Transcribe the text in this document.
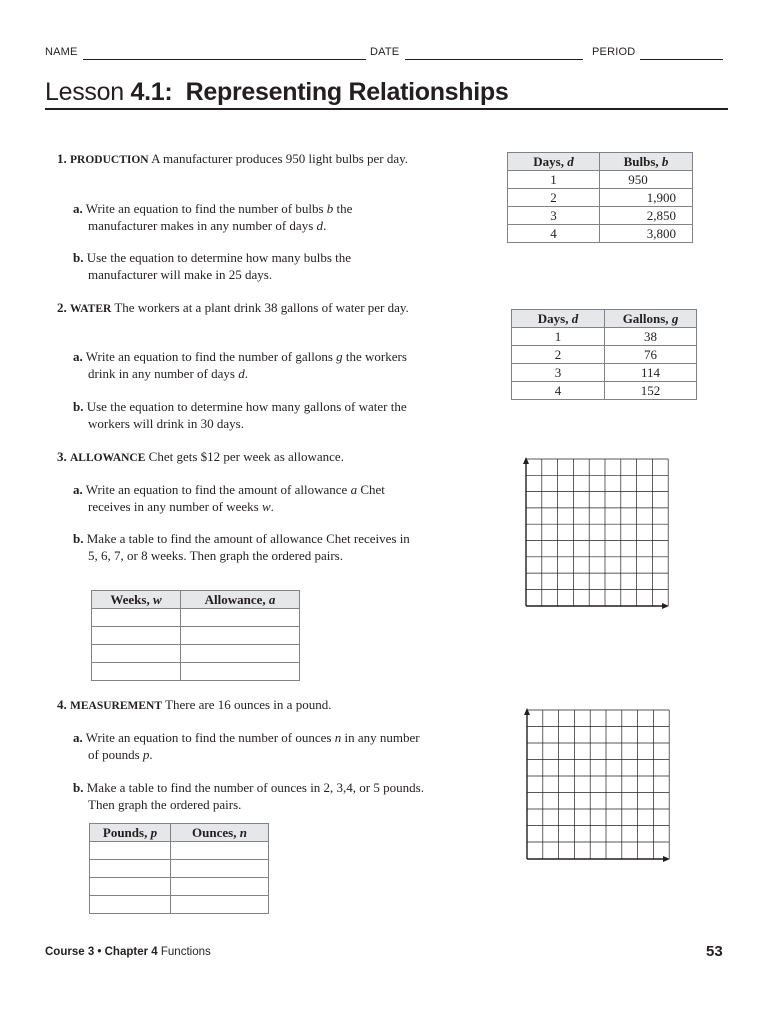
NAME	DATE	PERIOD
Lesson 4.1: Representing Relationships
1. PRODUCTION A manufacturer produces 950 light bulbs per day.
a. Write an equation to find the number of bulbs b the manufacturer makes in any number of days d.
b. Use the equation to determine how many bulbs the manufacturer will make in 25 days.
Days, d	Bulbs, b
1	950
2	1,900
3	2,850
4	3,800
2. WATER The workers at a plant drink 38 gallons of water per day.
a. Write an equation to find the number of gallons g the workers drink in any number of days d.
b. Use the equation to determine how many gallons of water the workers will drink in 30 days.
Days, d	Gallons, g
1	38
2	76
3	114
4	152
3. ALLOWANCE Chet gets $12 per week as allowance.
a. Write an equation to find the amount of allowance a Chet receives in any number of weeks w.
b. Make a table to find the amount of allowance Chet receives in 5, 6, 7, or 8 weeks. Then graph the ordered pairs.
Weeks, w	Allowance, a

4. MEASUREMENT There are 16 ounces in a pound.
a. Write an equation to find the number of ounces n in any number of pounds p.
b. Make a table to find the number of ounces in 2, 3,4, or 5 pounds. Then graph the ordered pairs.
Pounds, p	Ounces, n

Course 3 • Chapter 4 Functions	53
